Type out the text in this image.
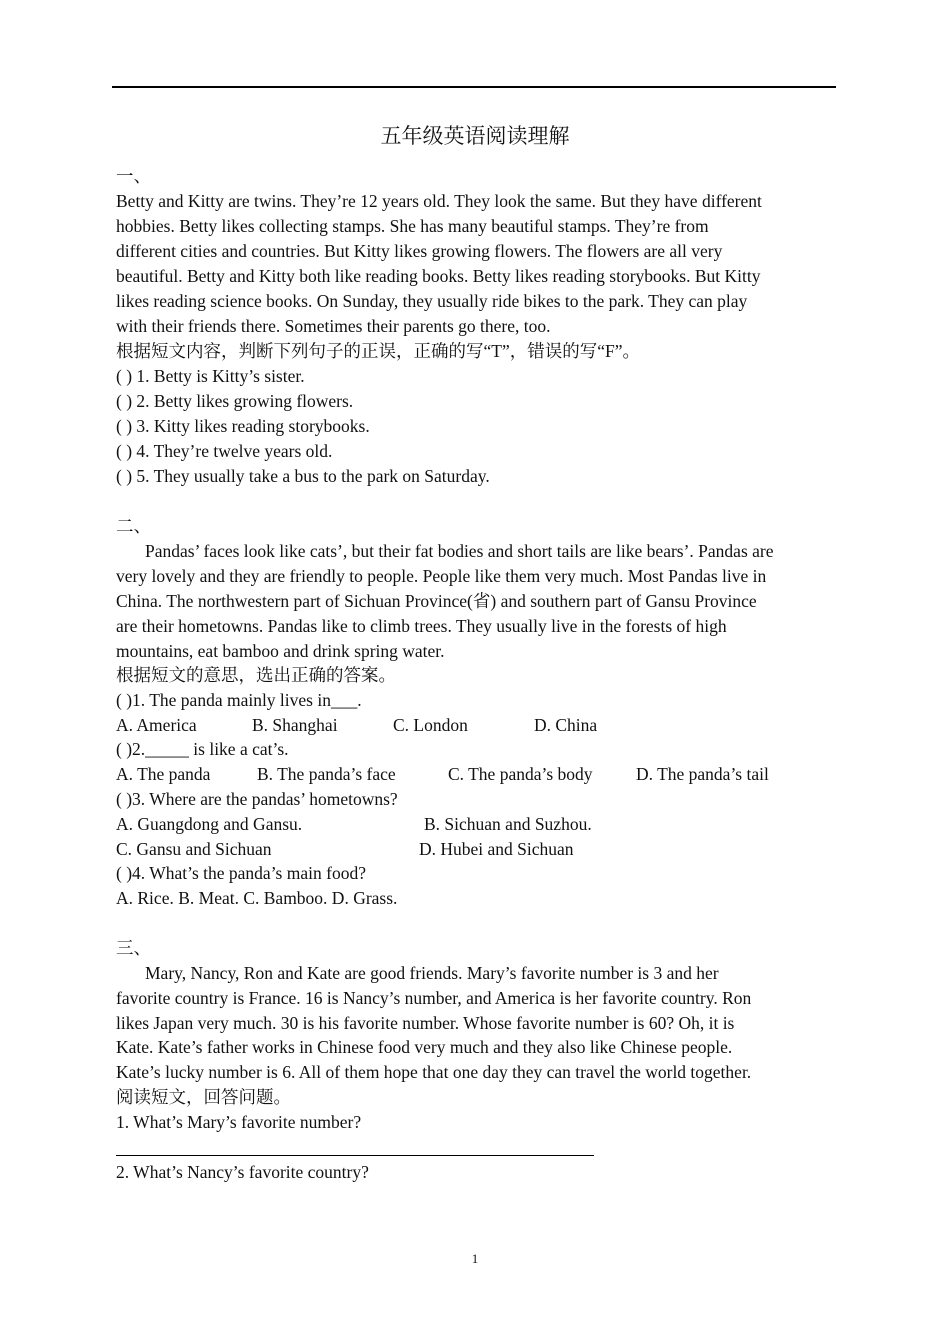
五年级英语阅读理解
一、
Betty and Kitty are twins. They’re 12 years old. They look the same. But they have different
hobbies. Betty likes collecting stamps. She has many beautiful stamps. They’re from
different cities and countries. But Kitty likes growing flowers. The flowers are all very
beautiful. Betty and Kitty both like reading books. Betty likes reading storybooks. But Kitty
likes reading science books. On Sunday, they usually ride bikes to the park. They can play
with their friends there. Sometimes their parents go there, too.
根据短文内容，判断下列句子的正误，正确的写“T”，错误的写“F”。
( ) 1. Betty is Kitty’s sister.
( ) 2. Betty likes growing flowers.
( ) 3. Kitty likes reading storybooks.
( ) 4. They’re twelve years old.
( ) 5. They usually take a bus to the park on Saturday.
二、
Pandas’ faces look like cats’, but their fat bodies and short tails are like bears’. Pandas are
very lovely and they are friendly to people. People like them very much. Most Pandas live in
China. The northwestern part of Sichuan Province(省) and southern part of Gansu Province
are their hometowns. Pandas like to climb trees. They usually live in the forests of high
mountains, eat bamboo and drink spring water.
根据短文的意思，选出正确的答案。
( )1. The panda mainly lives in___.
A. America	B. Shanghai	C. London	D. China
( )2._____ is like a cat’s.
A. The panda	B. The panda’s face	C. The panda’s body D. The panda’s tail
( )3. Where are the pandas’ hometowns?
A. Guangdong and Gansu.	B. Sichuan and Suzhou.
C. Gansu and Sichuan	D. Hubei and Sichuan
( )4. What’s the panda’s main food?
A. Rice. B. Meat. C. Bamboo. D. Grass.
三、
Mary, Nancy, Ron and Kate are good friends. Mary’s favorite number is 3 and her
favorite country is France. 16 is Nancy’s number, and America is her favorite country. Ron
likes Japan very much. 30 is his favorite number. Whose favorite number is 60? Oh, it is
Kate. Kate’s father works in Chinese food very much and they also like Chinese people.
Kate’s lucky number is 6. All of them hope that one day they can travel the world together.
阅读短文，回答问题。
1. What’s Mary’s favorite number?
2. What’s Nancy’s favorite country?
1
